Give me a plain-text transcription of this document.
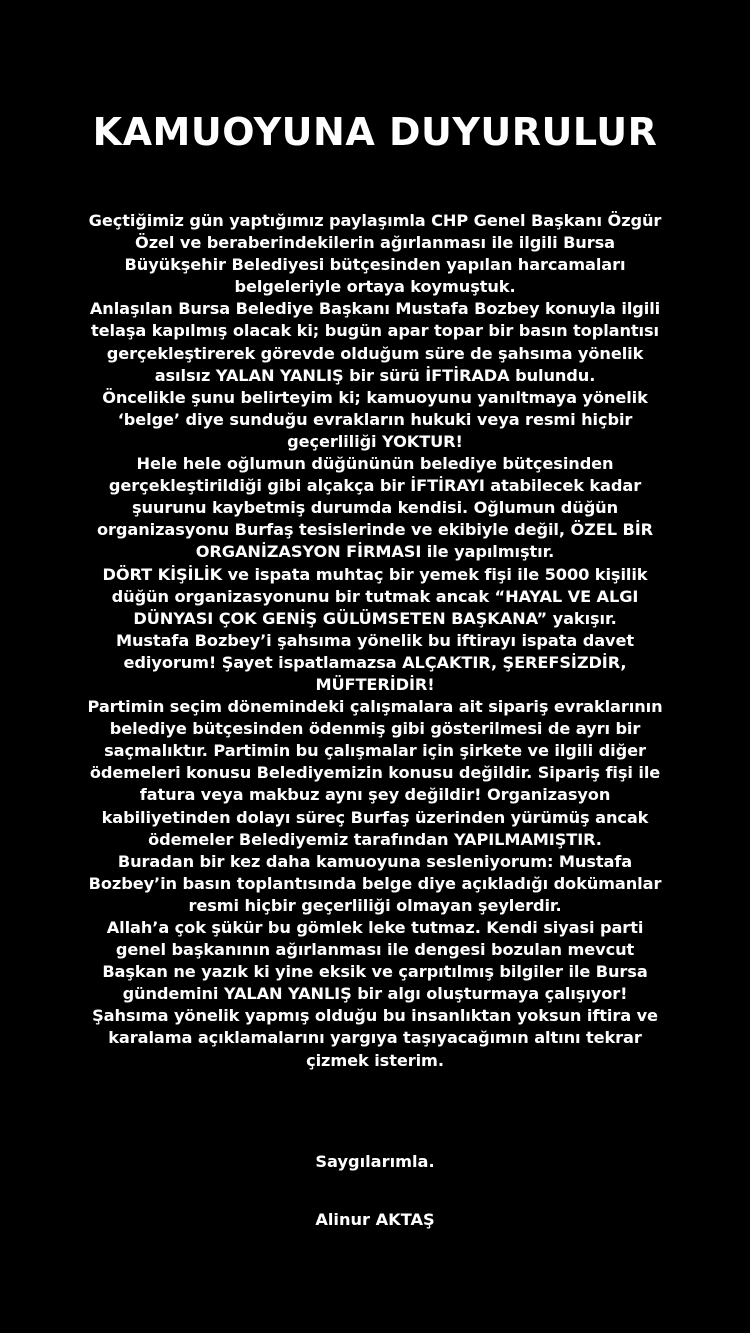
KAMUOYUNA DUYURULUR
Geçtiğimiz gün yaptığımız paylaşımla CHP Genel Başkanı Özgür
Özel ve beraberindekilerin ağırlanması ile ilgili Bursa
Büyükşehir Belediyesi bütçesinden yapılan harcamaları
belgeleriyle ortaya koymuştuk.
Anlaşılan Bursa Belediye Başkanı Mustafa Bozbey konuyla ilgili
telaşa kapılmış olacak ki; bugün apar topar bir basın toplantısı
gerçekleştirerek görevde olduğum süre de şahsıma yönelik
asılsız YALAN YANLIŞ bir sürü İFTİRADA bulundu.
Öncelikle şunu belirteyim ki; kamuoyunu yanıltmaya yönelik
‘belge’ diye sunduğu evrakların hukuki veya resmi hiçbir
geçerliliği YOKTUR!
Hele hele oğlumun düğününün belediye bütçesinden
gerçekleştirildiği gibi alçakça bir İFTİRAYI atabilecek kadar
şuurunu kaybetmiş durumda kendisi. Oğlumun düğün
organizasyonu Burfaş tesislerinde ve ekibiyle değil, ÖZEL BİR
ORGANİZASYON FİRMASI ile yapılmıştır.
DÖRT KİŞİLİK ve ispata muhtaç bir yemek fişi ile 5000 kişilik
düğün organizasyonunu bir tutmak ancak “HAYAL VE ALGI
DÜNYASI ÇOK GENİŞ GÜLÜMSETEN BAŞKANA” yakışır.
Mustafa Bozbey’i şahsıma yönelik bu iftirayı ispata davet
ediyorum! Şayet ispatlamazsa ALÇAKTIR, ŞEREFSİZDİR,
MÜFTERİDİR!
Partimin seçim dönemindeki çalışmalara ait sipariş evraklarının
belediye bütçesinden ödenmiş gibi gösterilmesi de ayrı bir
saçmalıktır. Partimin bu çalışmalar için şirkete ve ilgili diğer
ödemeleri konusu Belediyemizin konusu değildir. Sipariş fişi ile
fatura veya makbuz aynı şey değildir! Organizasyon
kabiliyetinden dolayı süreç Burfaş üzerinden yürümüş ancak
ödemeler Belediyemiz tarafından YAPILMAMIŞTIR.
Buradan bir kez daha kamuoyuna sesleniyorum: Mustafa
Bozbey’in basın toplantısında belge diye açıkladığı dokümanlar
resmi hiçbir geçerliliği olmayan şeylerdir.
Allah’a çok şükür bu gömlek leke tutmaz. Kendi siyasi parti
genel başkanının ağırlanması ile dengesi bozulan mevcut
Başkan ne yazık ki yine eksik ve çarpıtılmış bilgiler ile Bursa
gündemini YALAN YANLIŞ bir algı oluşturmaya çalışıyor!
Şahsıma yönelik yapmış olduğu bu insanlıktan yoksun iftira ve
karalama açıklamalarını yargıya taşıyacağımın altını tekrar
çizmek isterim.
Saygılarımla.
Alinur AKTAŞ
